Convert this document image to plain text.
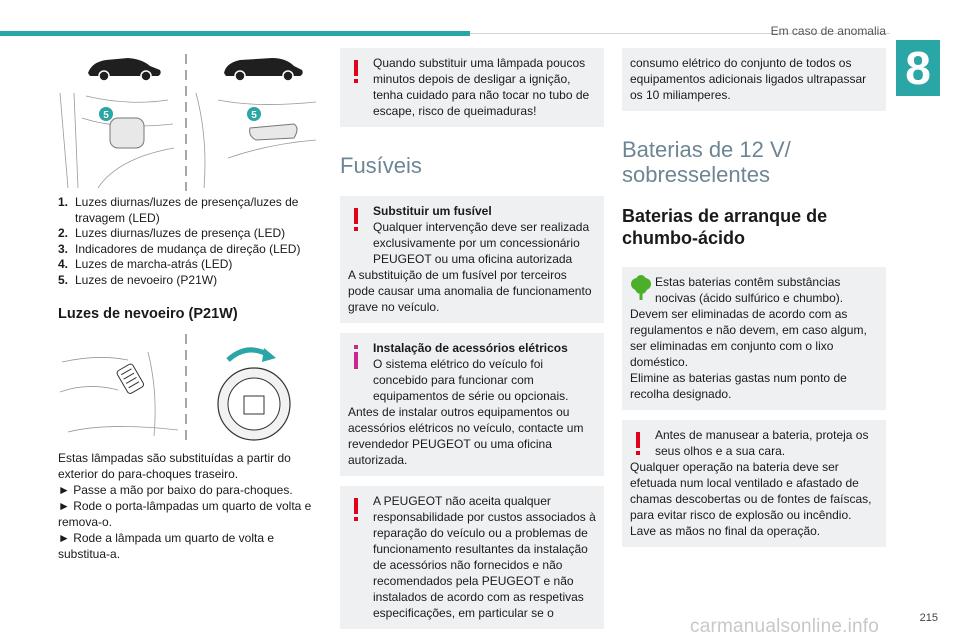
Em caso de anomalia
8
5	5
1. Luzes diurnas/luzes de presença/luzes de travagem (LED)
2. Luzes diurnas/luzes de presença (LED)
3. Indicadores de mudança de direção (LED)
4. Luzes de marcha-atrás (LED)
5. Luzes de nevoeiro (P21W)
Luzes de nevoeiro (P21W)

Estas lâmpadas são substituídas a partir do exterior do para-choques traseiro.

► Passe a mão por baixo do para-choques.

► Rode o porta-lâmpadas um quarto de volta e remova-o.

► Rode a lâmpada um quarto de volta e substitua-a.

Quando substituir uma lâmpada poucos minutos depois de desligar a ignição, tenha cuidado para não tocar no tubo de escape, risco de queimaduras!
Fusíveis
Substituir um fusível
Qualquer intervenção deve ser realizada exclusivamente por um concessionário PEUGEOT ou uma oficina autorizada
A substituição de um fusível por terceiros pode causar uma anomalia de funcionamento grave no veículo.
Instalação de acessórios elétricos
O sistema elétrico do veículo foi concebido para funcionar com equipamentos de série ou opcionais.
Antes de instalar outros equipamentos ou acessórios elétricos no veículo, contacte um revendedor PEUGEOT ou uma oficina autorizada.
A PEUGEOT não aceita qualquer responsabilidade por custos associados à reparação do veículo ou a problemas de funcionamento resultantes da instalação de acessórios não fornecidos e não recomendados pela PEUGEOT e não instalados de acordo com as respetivas especificações, em particular se o
consumo elétrico do conjunto de todos os equipamentos adicionais ligados ultrapassar os 10 miliamperes.
Baterias de 12 V/ sobresselentes
Baterias de arranque de chumbo-ácido
Estas baterias contêm substâncias nocivas (ácido sulfúrico e chumbo).
Devem ser eliminadas de acordo com as regulamentos e não devem, em caso algum, ser eliminadas em conjunto com o lixo doméstico.
Elimine as baterias gastas num ponto de recolha designado.
Antes de manusear a bateria, proteja os seus olhos e a sua cara.
Qualquer operação na bateria deve ser efetuada num local ventilado e afastado de chamas descobertas ou de fontes de faíscas, para evitar risco de explosão ou incêndio.
Lave as mãos no final da operação.
215
carmanualsonline.info
